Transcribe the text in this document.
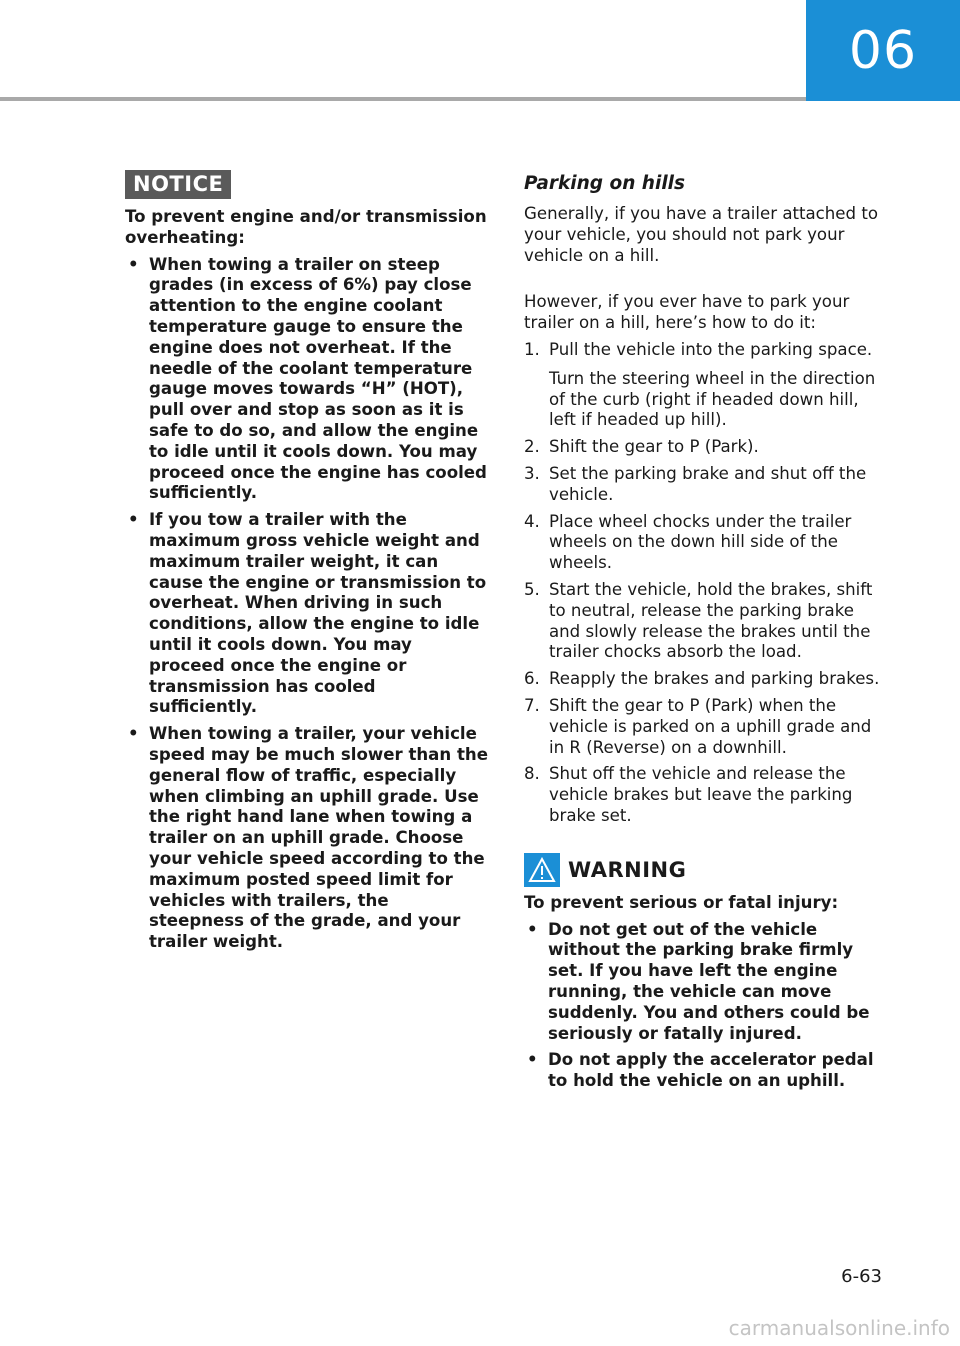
06
NOTICE
To prevent engine and/or transmission overheating:
• When towing a trailer on steep grades (in excess of 6%) pay close attention to the engine coolant temperature gauge to ensure the engine does not overheat. If the needle of the coolant temperature gauge moves towards “H” (HOT), pull over and stop as soon as it is safe to do so, and allow the engine to idle until it cools down. You may proceed once the engine has cooled sufficiently.
• If you tow a trailer with the maximum gross vehicle weight and maximum trailer weight, it can cause the engine or transmission to overheat. When driving in such conditions, allow the engine to idle until it cools down. You may proceed once the engine or transmission has cooled sufficiently.
• When towing a trailer, your vehicle speed may be much slower than the general flow of traffic, especially when climbing an uphill grade. Use the right hand lane when towing a trailer on an uphill grade. Choose your vehicle speed according to the maximum posted speed limit for vehicles with trailers, the steepness of the grade, and your trailer weight.
Parking on hills
Generally, if you have a trailer attached to your vehicle, you should not park your vehicle on a hill.
However, if you ever have to park your trailer on a hill, here’s how to do it:
1. Pull the vehicle into the parking space.
Turn the steering wheel in the direction of the curb (right if headed down hill, left if headed up hill).
2. Shift the gear to P (Park).
3. Set the parking brake and shut off the vehicle.
4. Place wheel chocks under the trailer wheels on the down hill side of the wheels.
5. Start the vehicle, hold the brakes, shift to neutral, release the parking brake and slowly release the brakes until the trailer chocks absorb the load.
6. Reapply the brakes and parking brakes.
7. Shift the gear to P (Park) when the vehicle is parked on a uphill grade and in R (Reverse) on a downhill.
8. Shut off the vehicle and release the vehicle brakes but leave the parking brake set.
WARNING
To prevent serious or fatal injury:
• Do not get out of the vehicle without the parking brake firmly set. If you have left the engine running, the vehicle can move suddenly. You and others could be seriously or fatally injured.
• Do not apply the accelerator pedal to hold the vehicle on an uphill.
6-63
carmanualsonline.info
